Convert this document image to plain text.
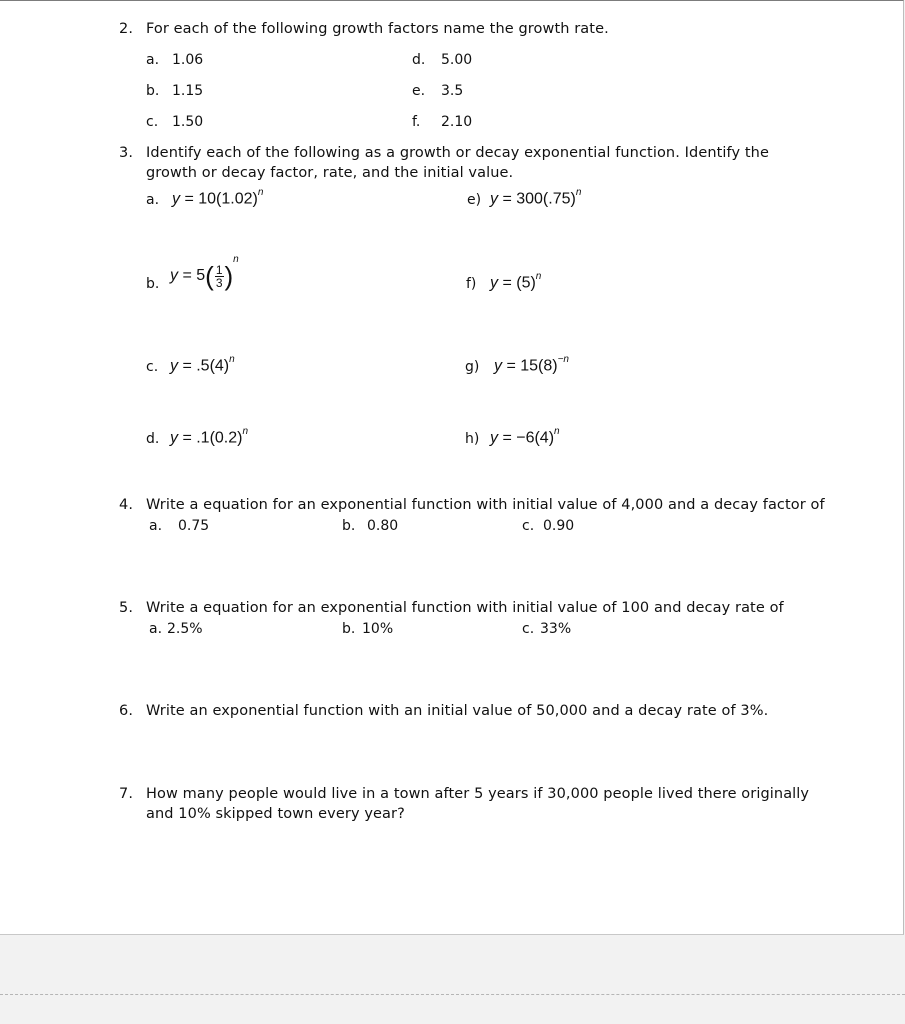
2. For each of the following growth factors name the growth rate.
a. 1.06
b. 1.15
c. 1.50
d. 5.00
e. 3.5
f. 2.10
3. Identify each of the following as a growth or decay exponential function. Identify the
growth or decay factor, rate, and the initial value.
a. $y = 10(1.02)^n$
b. $y = 5( \frac{1}{3} )^n$
c. $y = .5(4)^n$
d. $y = .1(0.2)^n$
e) $y = 300(.75)^n$
f) $y = (5)^n$
g) $y = 15(8)^{-n}$
h) $y = -6(4)^n$
4. Write a equation for an exponential function with initial value of 4,000 and a decay factor of
a. 0.75	b. 0.80	c. 0.90
5. Write a equation for an exponential function with initial value of 100 and decay rate of
a. 2.5%	b. 10%	c. 33%
6. Write an exponential function with an initial value of 50,000 and a decay rate of 3%.
7. How many people would live in a town after 5 years if 30,000 people lived there originally
and 10% skipped town every year?
